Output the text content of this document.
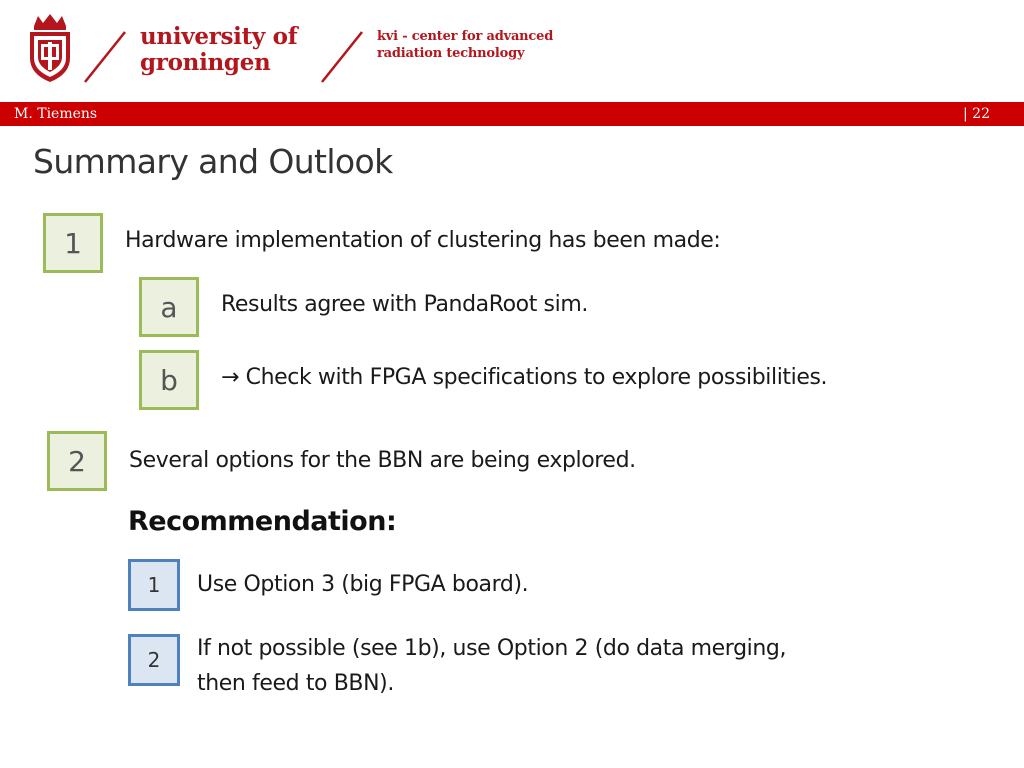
university of
groningen
kvi - center for advanced
radiation technology
M. Tiemens	| 22
Summary and Outlook
1	Hardware implementation of clustering has been made:
a	Results agree with PandaRoot sim.
b	→ Check with FPGA specifications to explore possibilities.
2	Several options for the BBN are being explored.
Recommendation:
1	Use Option 3 (big FPGA board).
2	If not possible (see 1b), use Option 2 (do data merging,
then feed to BBN).
